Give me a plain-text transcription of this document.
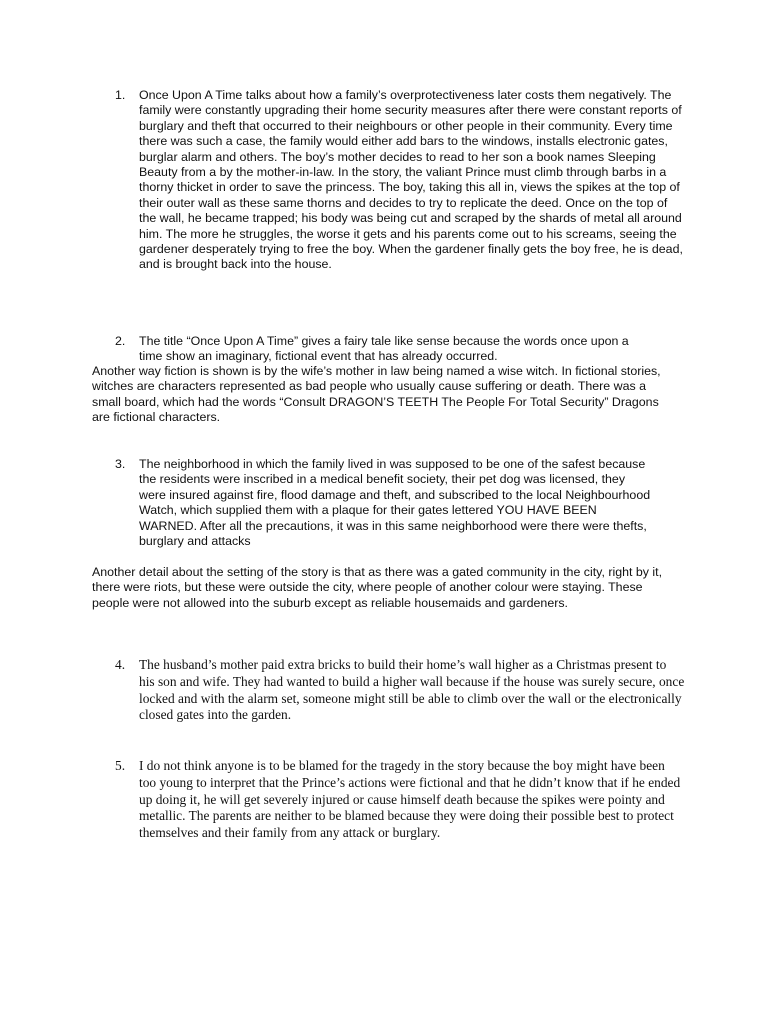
1.	Once Upon A Time talks about how a family’s overprotectiveness later costs them negatively. The family were constantly upgrading their home security measures after there were constant reports of burglary and theft that occurred to their neighbours or other people in their community. Every time there was such a case, the family would either add bars to the windows, installs electronic gates, burglar alarm and others. The boy’s mother decides to read to her son a book names Sleeping Beauty from a by the mother-in-law. In the story, the valiant Prince must climb through barbs in a thorny thicket in order to save the princess. The boy, taking this all in, views the spikes at the top of their outer wall as these same thorns and decides to try to replicate the deed. Once on the top of the wall, he became trapped; his body was being cut and scraped by the shards of metal all around him. The more he struggles, the worse it gets and his parents come out to his screams, seeing the gardener desperately trying to free the boy. When the gardener finally gets the boy free, he is dead, and is brought back into the house.
2.	The title “Once Upon A Time” gives a fairy tale like sense because the words once upon a time show an imaginary, fictional event that has already occurred.
Another way fiction is shown is by the wife’s mother in law being named a wise witch. In fictional stories, witches are characters represented as bad people who usually cause suffering or death. There was a small board, which had the words “Consult DRAGON’S TEETH The People For Total Security” Dragons are fictional characters.
3.	The neighborhood in which the family lived in was supposed to be one of the safest because the residents were inscribed in a medical benefit society, their pet dog was licensed, they were insured against fire, flood damage and theft, and subscribed to the local Neighbourhood Watch, which supplied them with a plaque for their gates lettered YOU HAVE BEEN WARNED. After all the precautions, it was in this same neighborhood were there were thefts, burglary and attacks
Another detail about the setting of the story is that as there was a gated community in the city, right by it, there were riots, but these were outside the city, where people of another colour were staying. These people were not allowed into the suburb except as reliable housemaids and gardeners.
4.	The husband’s mother paid extra bricks to build their home’s wall higher as a Christmas present to his son and wife. They had wanted to build a higher wall because if the house was surely secure, once locked and with the alarm set, someone might still be able to climb over the wall or the electronically closed gates into the garden.
5.	I do not think anyone is to be blamed for the tragedy in the story because the boy might have been too young to interpret that the Prince’s actions were fictional and that he didn’t know that if he ended up doing it, he will get severely injured or cause himself death because the spikes were pointy and metallic. The parents are neither to be blamed because they were doing their possible best to protect themselves and their family from any attack or burglary.
